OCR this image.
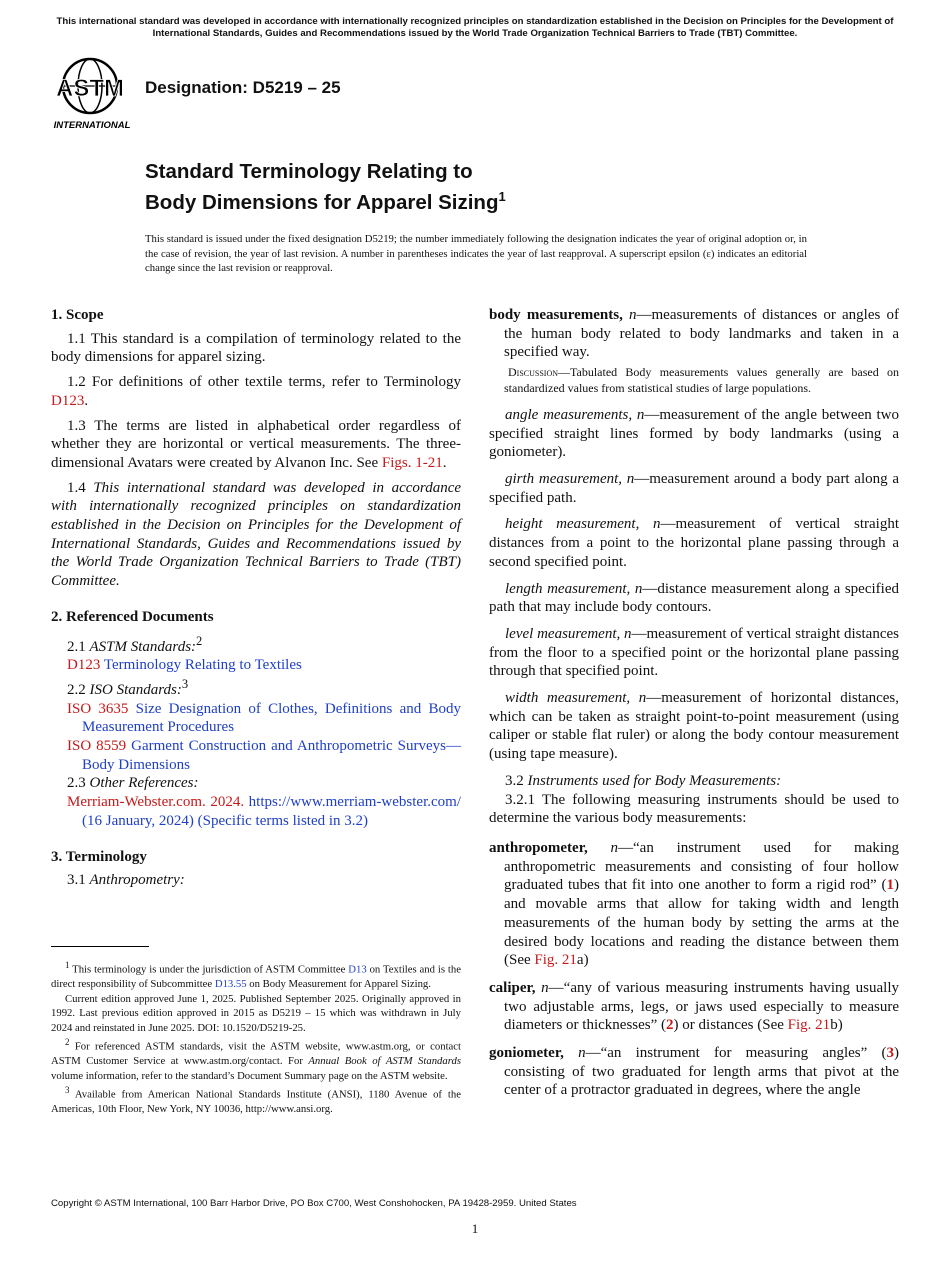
This international standard was developed in accordance with internationally recognized principles on standardization established in the Decision on Principles for the Development of International Standards, Guides and Recommendations issued by the World Trade Organization Technical Barriers to Trade (TBT) Committee.
ASTM
INTERNATIONAL
Designation: D5219 – 25
Standard Terminology Relating to
Body Dimensions for Apparel Sizing$^1$
This standard is issued under the fixed designation D5219; the number immediately following the designation indicates the year of original adoption or, in the case of revision, the year of last revision. A number in parentheses indicates the year of last reapproval. A superscript epsilon (ε) indicates an editorial change since the last revision or reapproval.

1. Scope

1.1 This standard is a compilation of terminology related to the body dimensions for apparel sizing.

1.2 For definitions of other textile terms, refer to Terminology D123.

1.3 The terms are listed in alphabetical order regardless of whether they are horizontal or vertical measurements. The three-dimensional Avatars were created by Alvanon Inc. See Figs. 1-21.

1.4 This international standard was developed in accordance with internationally recognized principles on standardization established in the Decision on Principles for the Development of International Standards, Guides and Recommendations issued by the World Trade Organization Technical Barriers to Trade (TBT) Committee.

2. Referenced Documents

2.1 ASTM Standards:$^2$

D123 Terminology Relating to Textiles

2.2 ISO Standards:$^3$

ISO 3635 Size Designation of Clothes, Definitions and Body Measurement Procedures

ISO 8559 Garment Construction and Anthropometric Surveys—Body Dimensions

2.3 Other References:

Merriam-Webster.com. 2024. https://www.merriam-webster.com/ (16 January, 2024) (Specific terms listed in 3.2)

3. Terminology

3.1 Anthropometry:

$^1$ This terminology is under the jurisdiction of ASTM Committee D13 on Textiles and is the direct responsibility of Subcommittee D13.55 on Body Measurement for Apparel Sizing.

Current edition approved June 1, 2025. Published September 2025. Originally approved in 1992. Last previous edition approved in 2015 as D5219 – 15 which was withdrawn in July 2024 and reinstated in June 2025. DOI: 10.1520/D5219-25.

$^2$ For referenced ASTM standards, visit the ASTM website, www.astm.org, or contact ASTM Customer Service at www.astm.org/contact. For Annual Book of ASTM Standards volume information, refer to the standard’s Document Summary page on the ASTM website.

$^3$ Available from American National Standards Institute (ANSI), 1180 Avenue of the Americas, 10th Floor, New York, NY 10036, http://www.ansi.org.

body measurements, n—measurements of distances or angles of the human body related to body landmarks and taken in a specified way.

Discussion—Tabulated Body measurements values generally are based on standardized values from statistical studies of large populations.

angle measurements, n—measurement of the angle between two specified straight lines formed by body landmarks (using a goniometer).

girth measurement, n—measurement around a body part along a specified path.

height measurement, n—measurement of vertical straight distances from a point to the horizontal plane passing through a second specified point.

length measurement, n—distance measurement along a specified path that may include body contours.

level measurement, n—measurement of vertical straight distances from the floor to a specified point or the horizontal plane passing through that specified point.

width measurement, n—measurement of horizontal distances, which can be taken as straight point-to-point measurement (using caliper or stable flat ruler) or along the body contour measurement (using tape measure).

3.2 Instruments used for Body Measurements:

3.2.1 The following measuring instruments should be used to determine the various body measurements:

anthropometer, n—“an instrument used for making anthropometric measurements and consisting of four hollow graduated tubes that fit into one another to form a rigid rod” (1) and movable arms that allow for taking width and length measurements of the human body by setting the arms at the desired body locations and reading the distance between them (See Fig. 21a)

caliper, n—“any of various measuring instruments having usually two adjustable arms, legs, or jaws used especially to measure diameters or thicknesses” (2) or distances (See Fig. 21b)

goniometer, n—“an instrument for measuring angles” (3) consisting of two graduated for length arms that pivot at the center of a protractor graduated in degrees, where the angle

Copyright © ASTM International, 100 Barr Harbor Drive, PO Box C700, West Conshohocken, PA 19428-2959. United States
1
